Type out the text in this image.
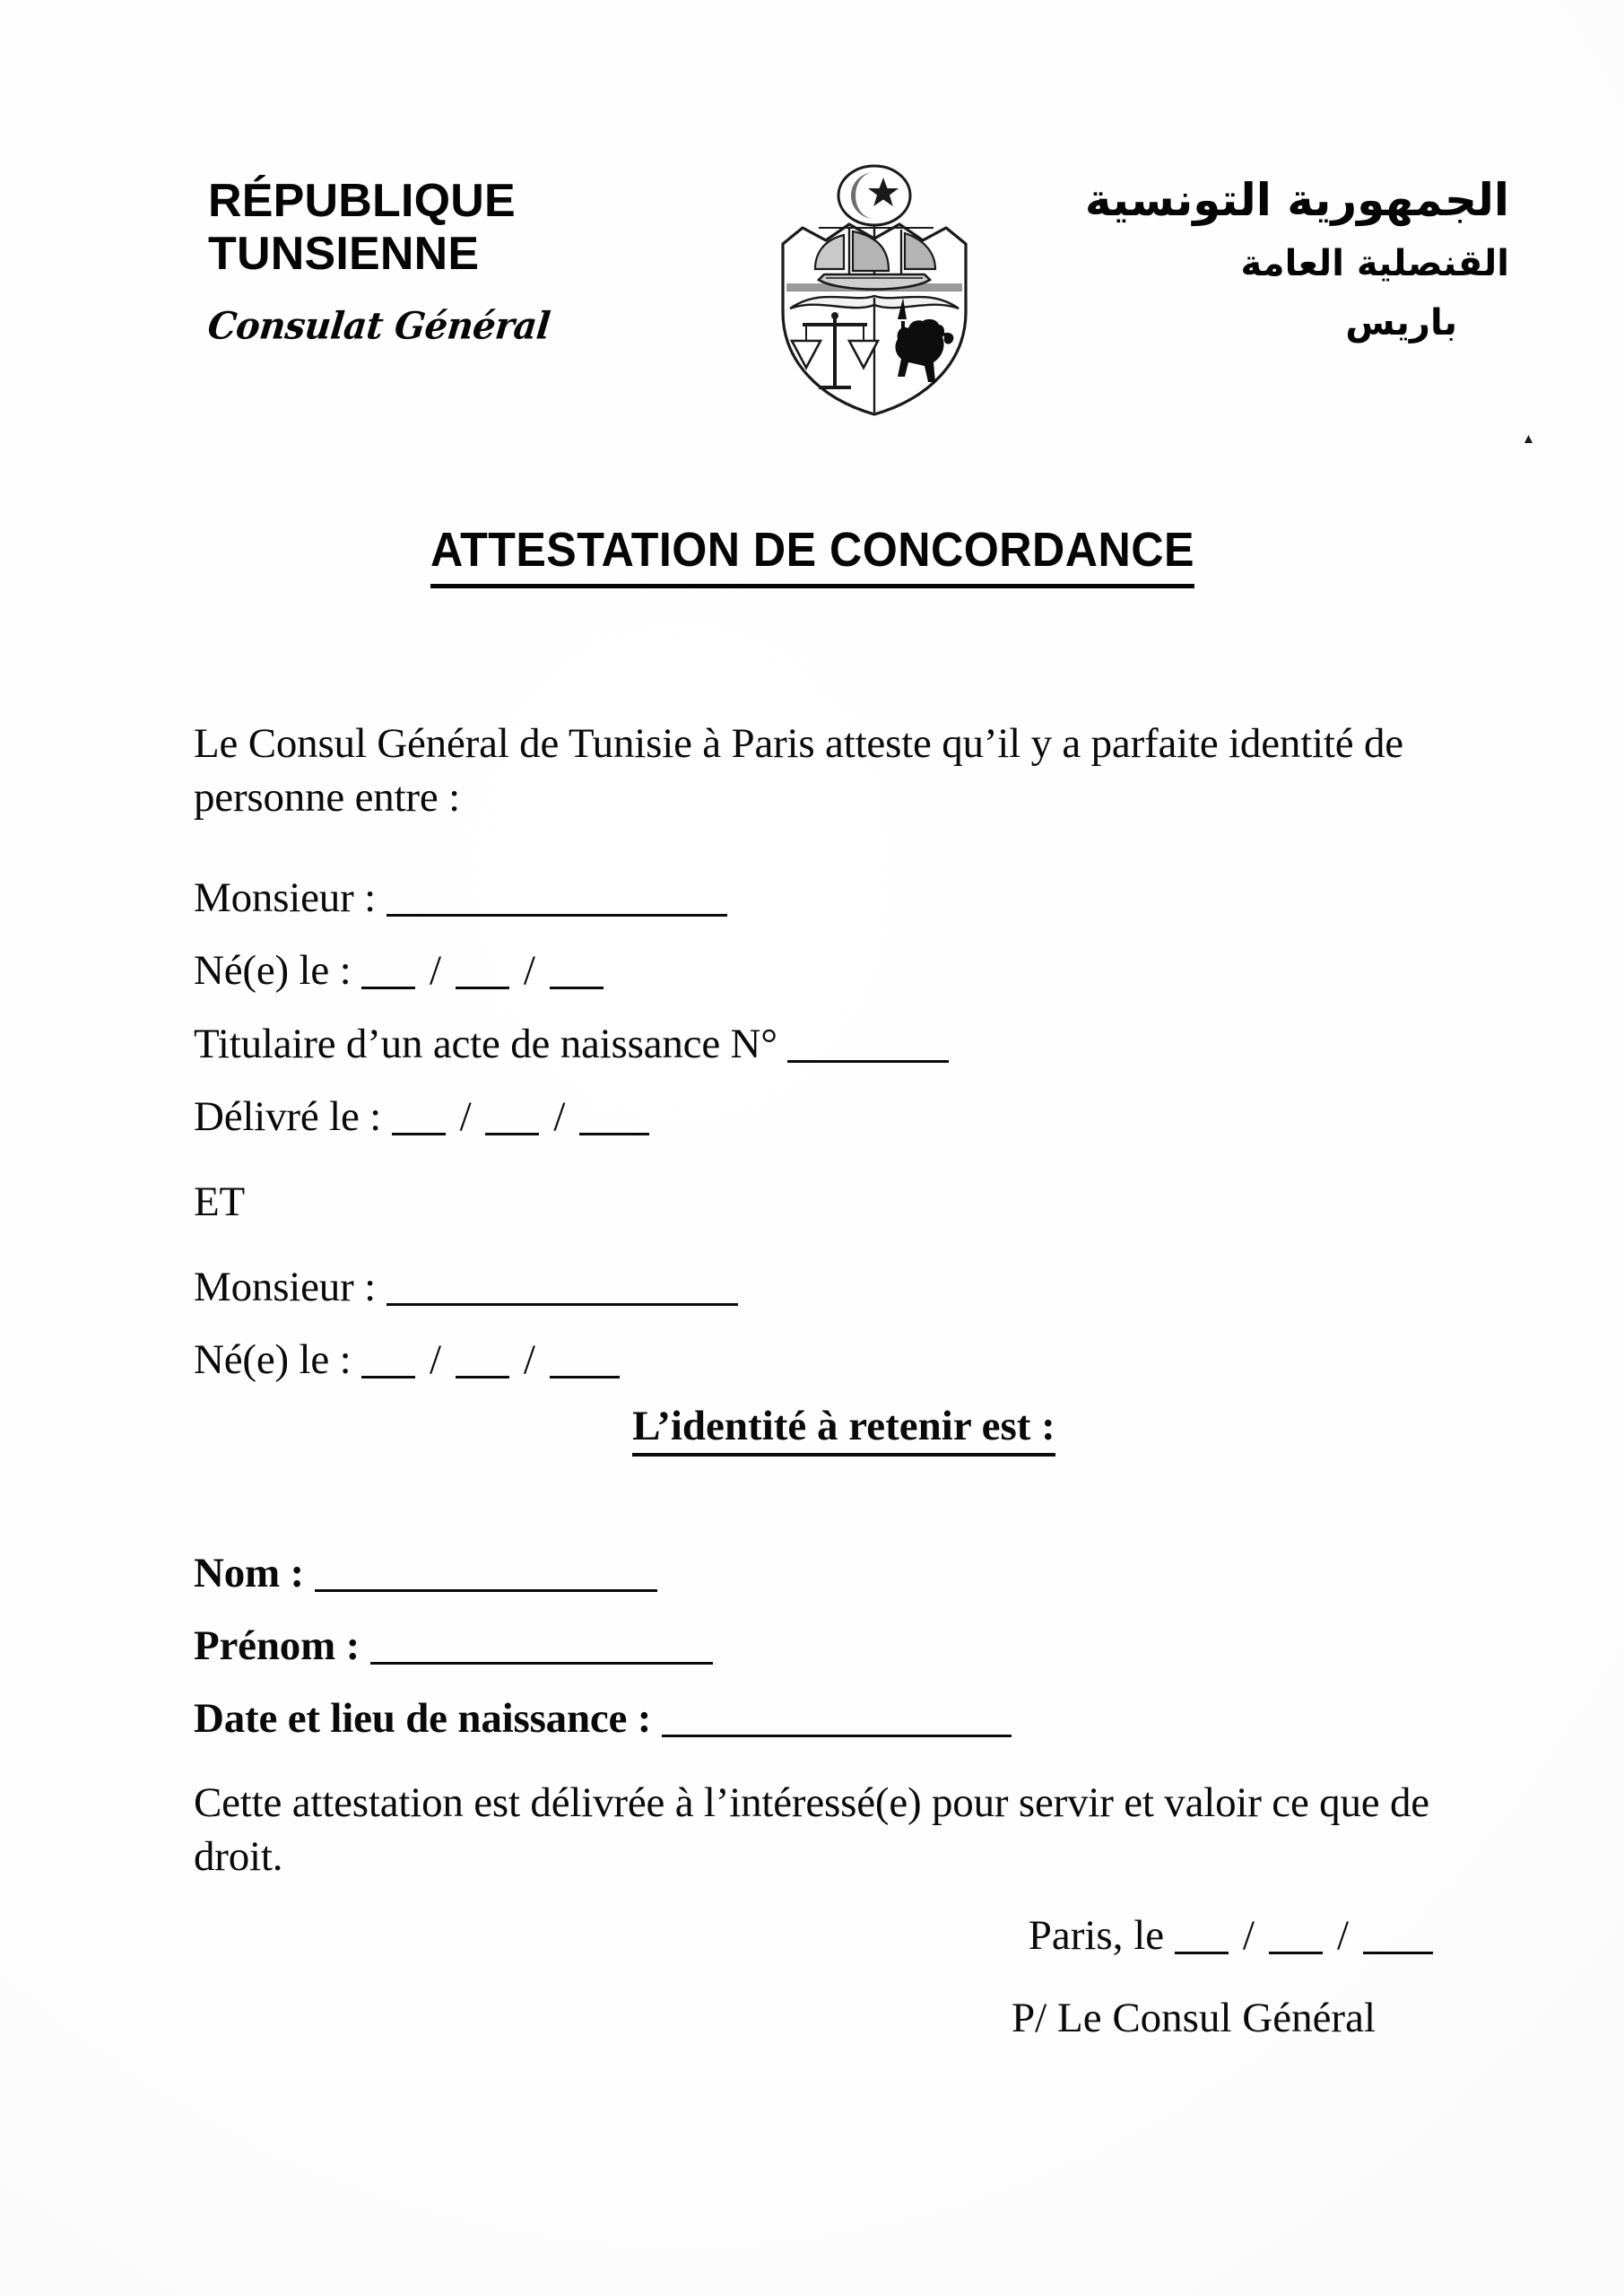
RÉPUBLIQUE
TUNSIENNE
Consulat Général
الجمهورية التونسية
القنصلية العامة
باريس
ATTESTATION DE CONCORDANCE
Le Consul Général de Tunisie à Paris atteste qu’il y a parfaite identité de personne entre :
Monsieur :
Né(e) le : / /
Titulaire d’un acte de naissance N°
Délivré le : / /
ET
Monsieur :
Né(e) le : / /
L’identité à retenir est :
Nom :
Prénom :
Date et lieu de naissance :
Cette attestation est délivrée à l’intéressé(e) pour servir et valoir ce que de droit.
Paris, le / /
P/ Le Consul Général
